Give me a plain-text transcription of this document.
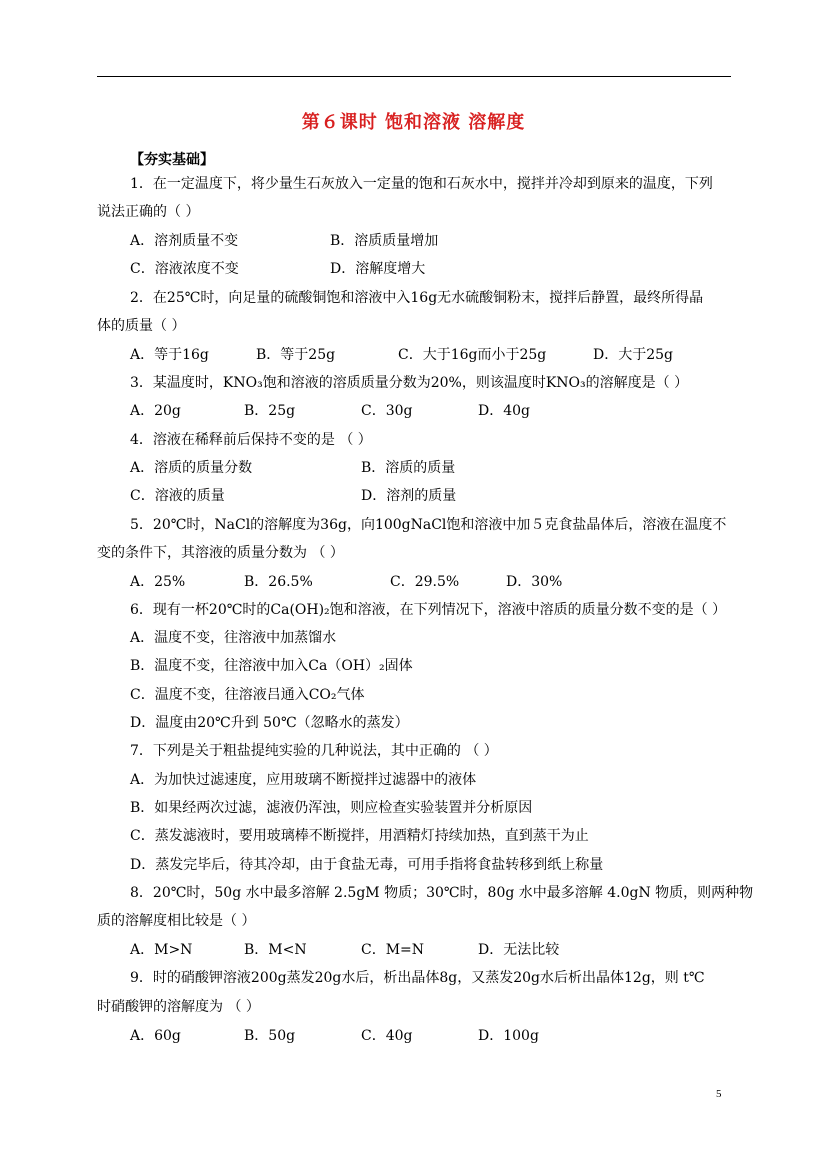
第６课时 饱和溶液 溶解度
【夯实基础】
1．在一定温度下，将少量生石灰放入一定量的饱和石灰水中，搅拌并冷却到原来的温度，下列
说法正确的（ ）
A．溶剂质量不变	B．溶质质量增加
C．溶液浓度不变	D．溶解度增大
2．在25℃时，向足量的硫酸铜饱和溶液中入16g无水硫酸铜粉末，搅拌后静置，最终所得晶
体的质量（ ）
A．等于16g	B．等于25g	C．大于16g而小于25g	D．大于25g
3．某温度时，KNO₃饱和溶液的溶质质量分数为20%，则该温度时KNO₃的溶解度是（ ）
A．20g	B．25g	C．30g	D．40g
4．溶液在稀释前后保持不变的是 （ ）
A．溶质的质量分数	B．溶质的质量
C．溶液的质量	D．溶剂的质量
5．20℃时，NaCl的溶解度为36g，向100gNaCl饱和溶液中加５克食盐晶体后，溶液在温度不
变的条件下，其溶液的质量分数为 （ ）
A．25%	B．26.5%	C．29.5%	D．30%
6．现有一杯20℃时的Ca(OH)₂饱和溶液，在下列情况下，溶液中溶质的质量分数不变的是（ ）
A．温度不变，往溶液中加蒸馏水
B．温度不变，往溶液中加入Ca（OH）₂固体
C．温度不变，往溶液吕通入CO₂气体
D．温度由20℃升到 50℃（忽略水的蒸发）
7．下列是关于粗盐提纯实验的几种说法，其中正确的 （ ）
A．为加快过滤速度，应用玻璃不断搅拌过滤器中的液体
B．如果经两次过滤，滤液仍浑浊，则应检查实验装置并分析原因
C．蒸发滤液时，要用玻璃棒不断搅拌，用酒精灯持续加热，直到蒸干为止
D．蒸发完毕后，待其冷却，由于食盐无毒，可用手指将食盐转移到纸上称量
8．20℃时，50g 水中最多溶解 2.5gM 物质；30℃时，80g 水中最多溶解 4.0gN 物质，则两种物
质的溶解度相比较是（ ）
A．M>N	B．M<N	C．M=N	D．无法比较
9．时的硝酸钾溶液200g蒸发20g水后，析出晶体8g，又蒸发20g水后析出晶体12g，则 t℃
时硝酸钾的溶解度为 （ ）
A．60g	B．50g	C．40g	D．100g
5
